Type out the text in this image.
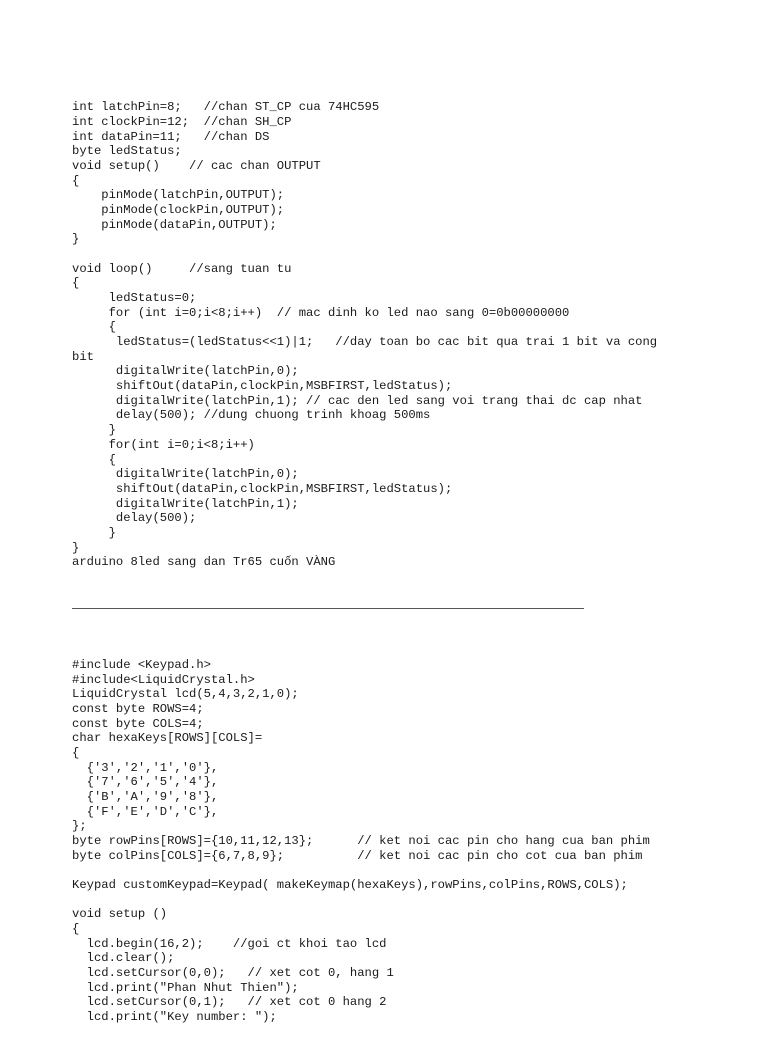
int latchPin=8;   //chan ST_CP cua 74HC595
int clockPin=12;  //chan SH_CP
int dataPin=11;   //chan DS
byte ledStatus;
void setup()    // cac chan OUTPUT
{
pinMode(latchPin,OUTPUT);
pinMode(clockPin,OUTPUT);
pinMode(dataPin,OUTPUT);
}
void loop()     //sang tuan tu
{
ledStatus=0;
for (int i=0;i<8;i++)  // mac dinh ko led nao sang 0=0b00000000
{
ledStatus=(ledStatus<<1)|1;   //day toan bo cac bit qua trai 1 bit va cong
bit
digitalWrite(latchPin,0);
shiftOut(dataPin,clockPin,MSBFIRST,ledStatus);
digitalWrite(latchPin,1); // cac den led sang voi trang thai dc cap nhat
delay(500); //dung chuong trinh khoag 500ms
}
for(int i=0;i<8;i++)
{
digitalWrite(latchPin,0);
shiftOut(dataPin,clockPin,MSBFIRST,ledStatus);
digitalWrite(latchPin,1);
delay(500);
}
}
arduino 8led sang dan Tr65 cuốn VÀNG

#include <Keypad.h>
#include<LiquidCrystal.h>
LiquidCrystal lcd(5,4,3,2,1,0);
const byte ROWS=4;
const byte COLS=4;
char hexaKeys[ROWS][COLS]=
{
{'3','2','1','0'},
{'7','6','5','4'},
{'B','A','9','8'},
{'F','E','D','C'},
};
byte rowPins[ROWS]={10,11,12,13};      // ket noi cac pin cho hang cua ban phim
byte colPins[COLS]={6,7,8,9};          // ket noi cac pin cho cot cua ban phim
Keypad customKeypad=Keypad( makeKeymap(hexaKeys),rowPins,colPins,ROWS,COLS);
void setup ()
{
lcd.begin(16,2);    //goi ct khoi tao lcd
lcd.clear();
lcd.setCursor(0,0);   // xet cot 0, hang 1
lcd.print("Phan Nhut Thien");
lcd.setCursor(0,1);   // xet cot 0 hang 2
lcd.print("Key number: ");
